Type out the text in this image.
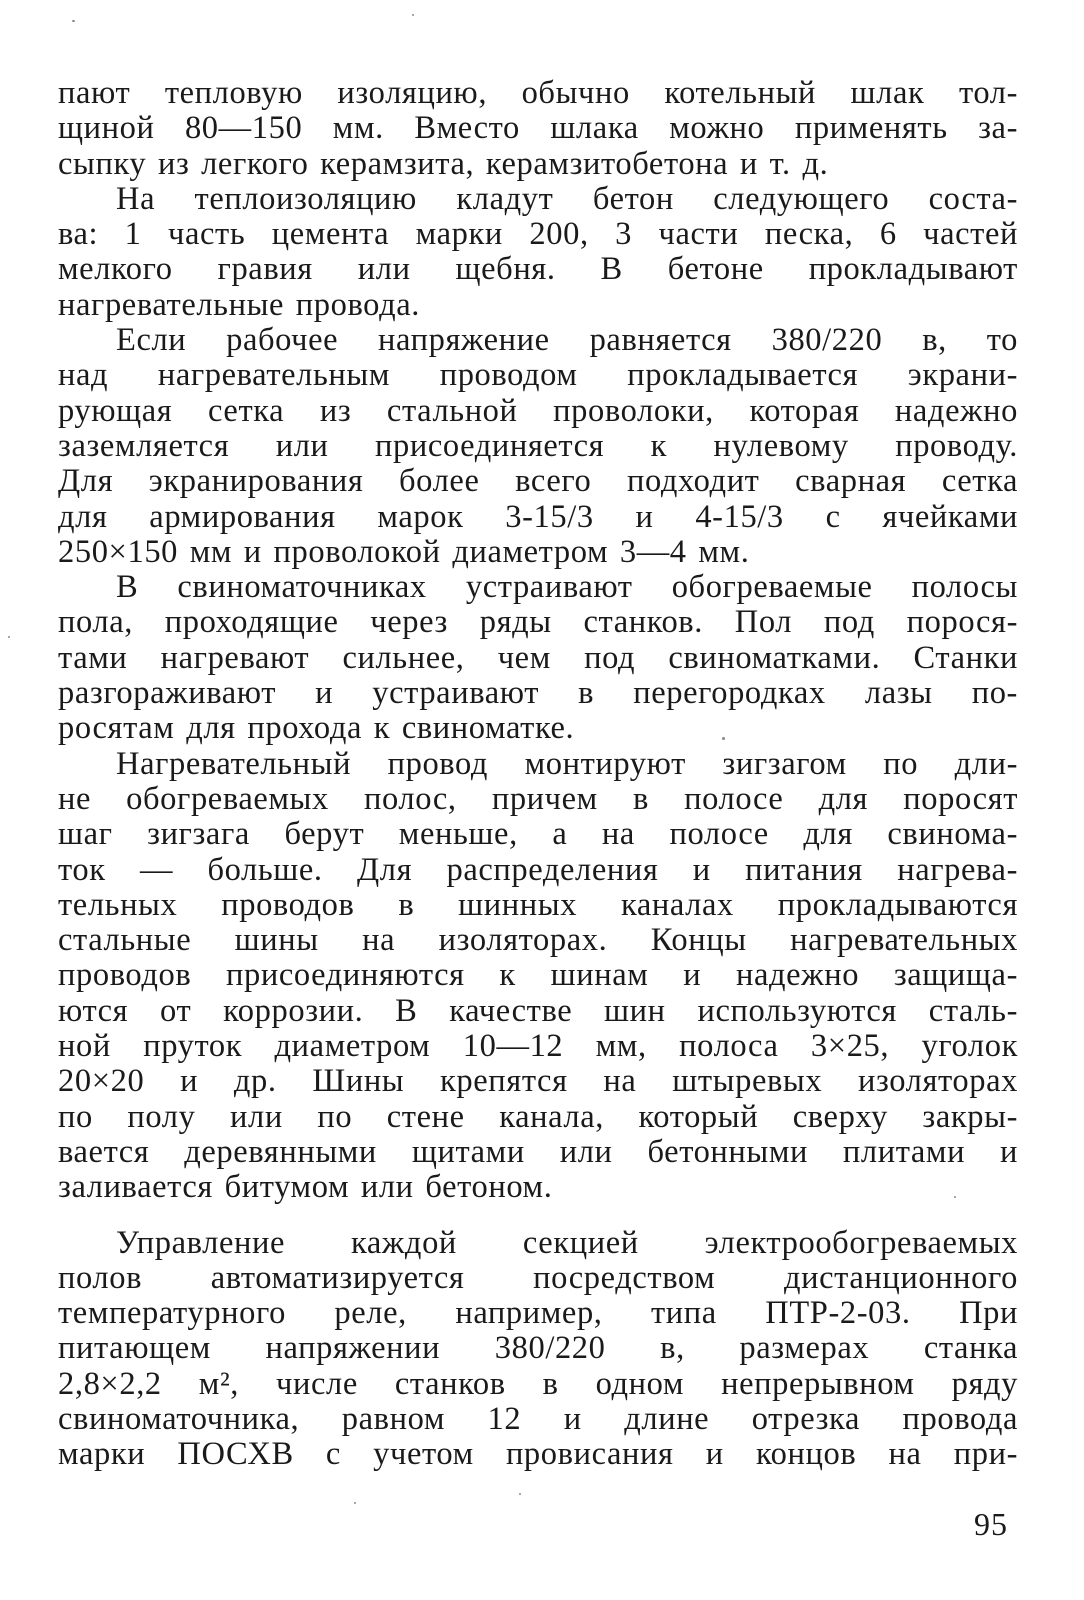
пают тепловую изоляцию, обычно котельный шлак тол-
щиной 80—150 мм. Вместо шлака можно применять за-
сыпку из легкого керамзита, керамзитобетона и т. д.

На теплоизоляцию кладут бетон следующего соста-
ва: 1 часть цемента марки 200, 3 части песка, 6 частей
мелкого гравия или щебня. В бетоне прокладывают
нагревательные провода.

Если рабочее напряжение равняется 380/220 в, то
над нагревательным проводом прокладывается экрани-
рующая сетка из стальной проволоки, которая надежно
заземляется или присоединяется к нулевому проводу.
Для экранирования более всего подходит сварная сетка
для армирования марок 3-15/3 и 4-15/3 с ячейками
250×150 мм и проволокой диаметром 3—4 мм.

В свиноматочниках устраивают обогреваемые полосы
пола, проходящие через ряды станков. Пол под порося-
тами нагревают сильнее, чем под свиноматками. Станки
разгораживают и устраивают в перегородках лазы по-
росятам для прохода к свиноматке.

Нагревательный провод монтируют зигзагом по дли-
не обогреваемых полос, причем в полосе для поросят
шаг зигзага берут меньше, а на полосе для свинома-
ток — больше. Для распределения и питания нагрева-
тельных проводов в шинных каналах прокладываются
стальные шины на изоляторах. Концы нагревательных
проводов присоединяются к шинам и надежно защища-
ются от коррозии. В качестве шин используются сталь-
ной пруток диаметром 10—12 мм, полоса 3×25, уголок
20×20 и др. Шины крепятся на штыревых изоляторах
по полу или по стене канала, который сверху закры-
вается деревянными щитами или бетонными плитами и
заливается битумом или бетоном.

Управление каждой секцией электрообогреваемых
полов автоматизируется посредством дистанционного
температурного реле, например, типа ПТР-2-03. При
питающем напряжении 380/220 в, размерах станка
2,8×2,2 м², числе станков в одном непрерывном ряду
свиноматочника, равном 12 и длине отрезка провода
марки ПОСХВ с учетом провисания и концов на при-

95
